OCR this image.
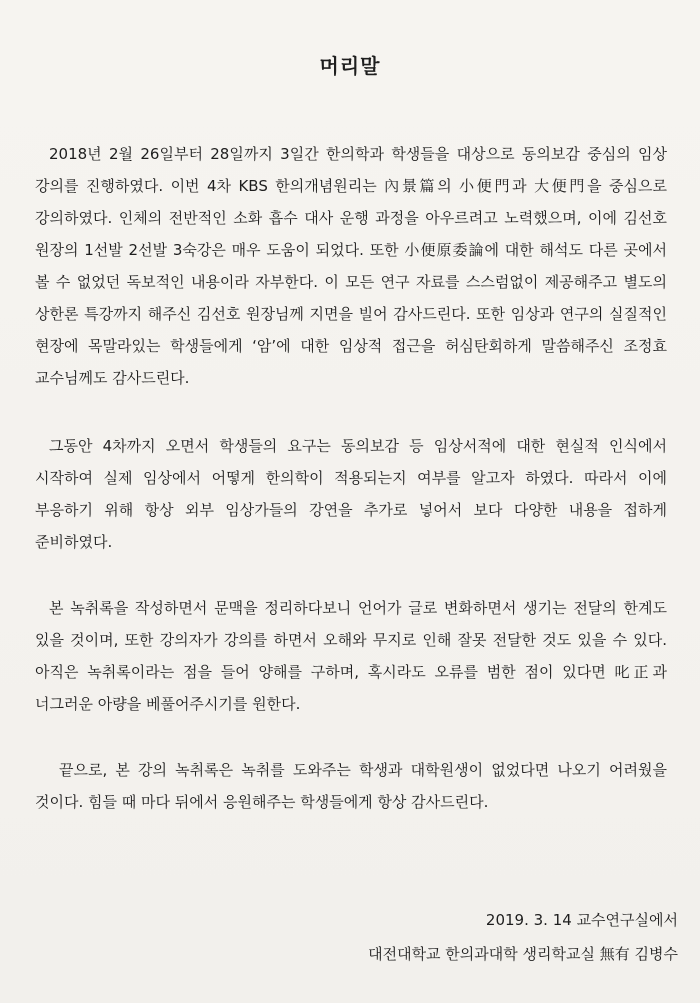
머리말

2018년 2월 26일부터 28일까지 3일간 한의학과 학생들을 대상으로 동의보감 중심의 임상 강의를 진행하였다. 이번 4차 KBS 한의개념원리는 內景篇의 小便門과 大便門을 중심으로 강의하였다. 인체의 전반적인 소화 흡수 대사 운행 과정을 아우르려고 노력했으며, 이에 김선호 원장의 1선발 2선발 3숙강은 매우 도움이 되었다. 또한 小便原委論에 대한 해석도 다른 곳에서 볼 수 없었던 독보적인 내용이라 자부한다. 이 모든 연구 자료를 스스럼없이 제공해주고 별도의 상한론 특강까지 해주신 김선호 원장님께 지면을 빌어 감사드린다. 또한 임상과 연구의 실질적인 현장에 목말라있는 학생들에게 ‘암’에 대한 임상적 접근을 허심탄회하게 말씀해주신 조정효 교수님께도 감사드린다.

그동안 4차까지 오면서 학생들의 요구는 동의보감 등 임상서적에 대한 현실적 인식에서 시작하여 실제 임상에서 어떻게 한의학이 적용되는지 여부를 알고자 하였다. 따라서 이에 부응하기 위해 항상 외부 임상가들의 강연을 추가로 넣어서 보다 다양한 내용을 접하게 준비하였다.

본 녹취록을 작성하면서 문맥을 정리하다보니 언어가 글로 변화하면서 생기는 전달의 한계도 있을 것이며, 또한 강의자가 강의를 하면서 오해와 무지로 인해 잘못 전달한 것도 있을 수 있다. 아직은 녹취록이라는 점을 들어 양해를 구하며, 혹시라도 오류를 범한 점이 있다면 叱正과 너그러운 아량을 베풀어주시기를 원한다.

끝으로, 본 강의 녹취록은 녹취를 도와주는 학생과 대학원생이 없었다면 나오기 어려웠을 것이다. 힘들 때 마다 뒤에서 응원해주는 학생들에게 항상 감사드린다.

2019. 3. 14 교수연구실에서
대전대학교 한의과대학 생리학교실 無有 김병수
